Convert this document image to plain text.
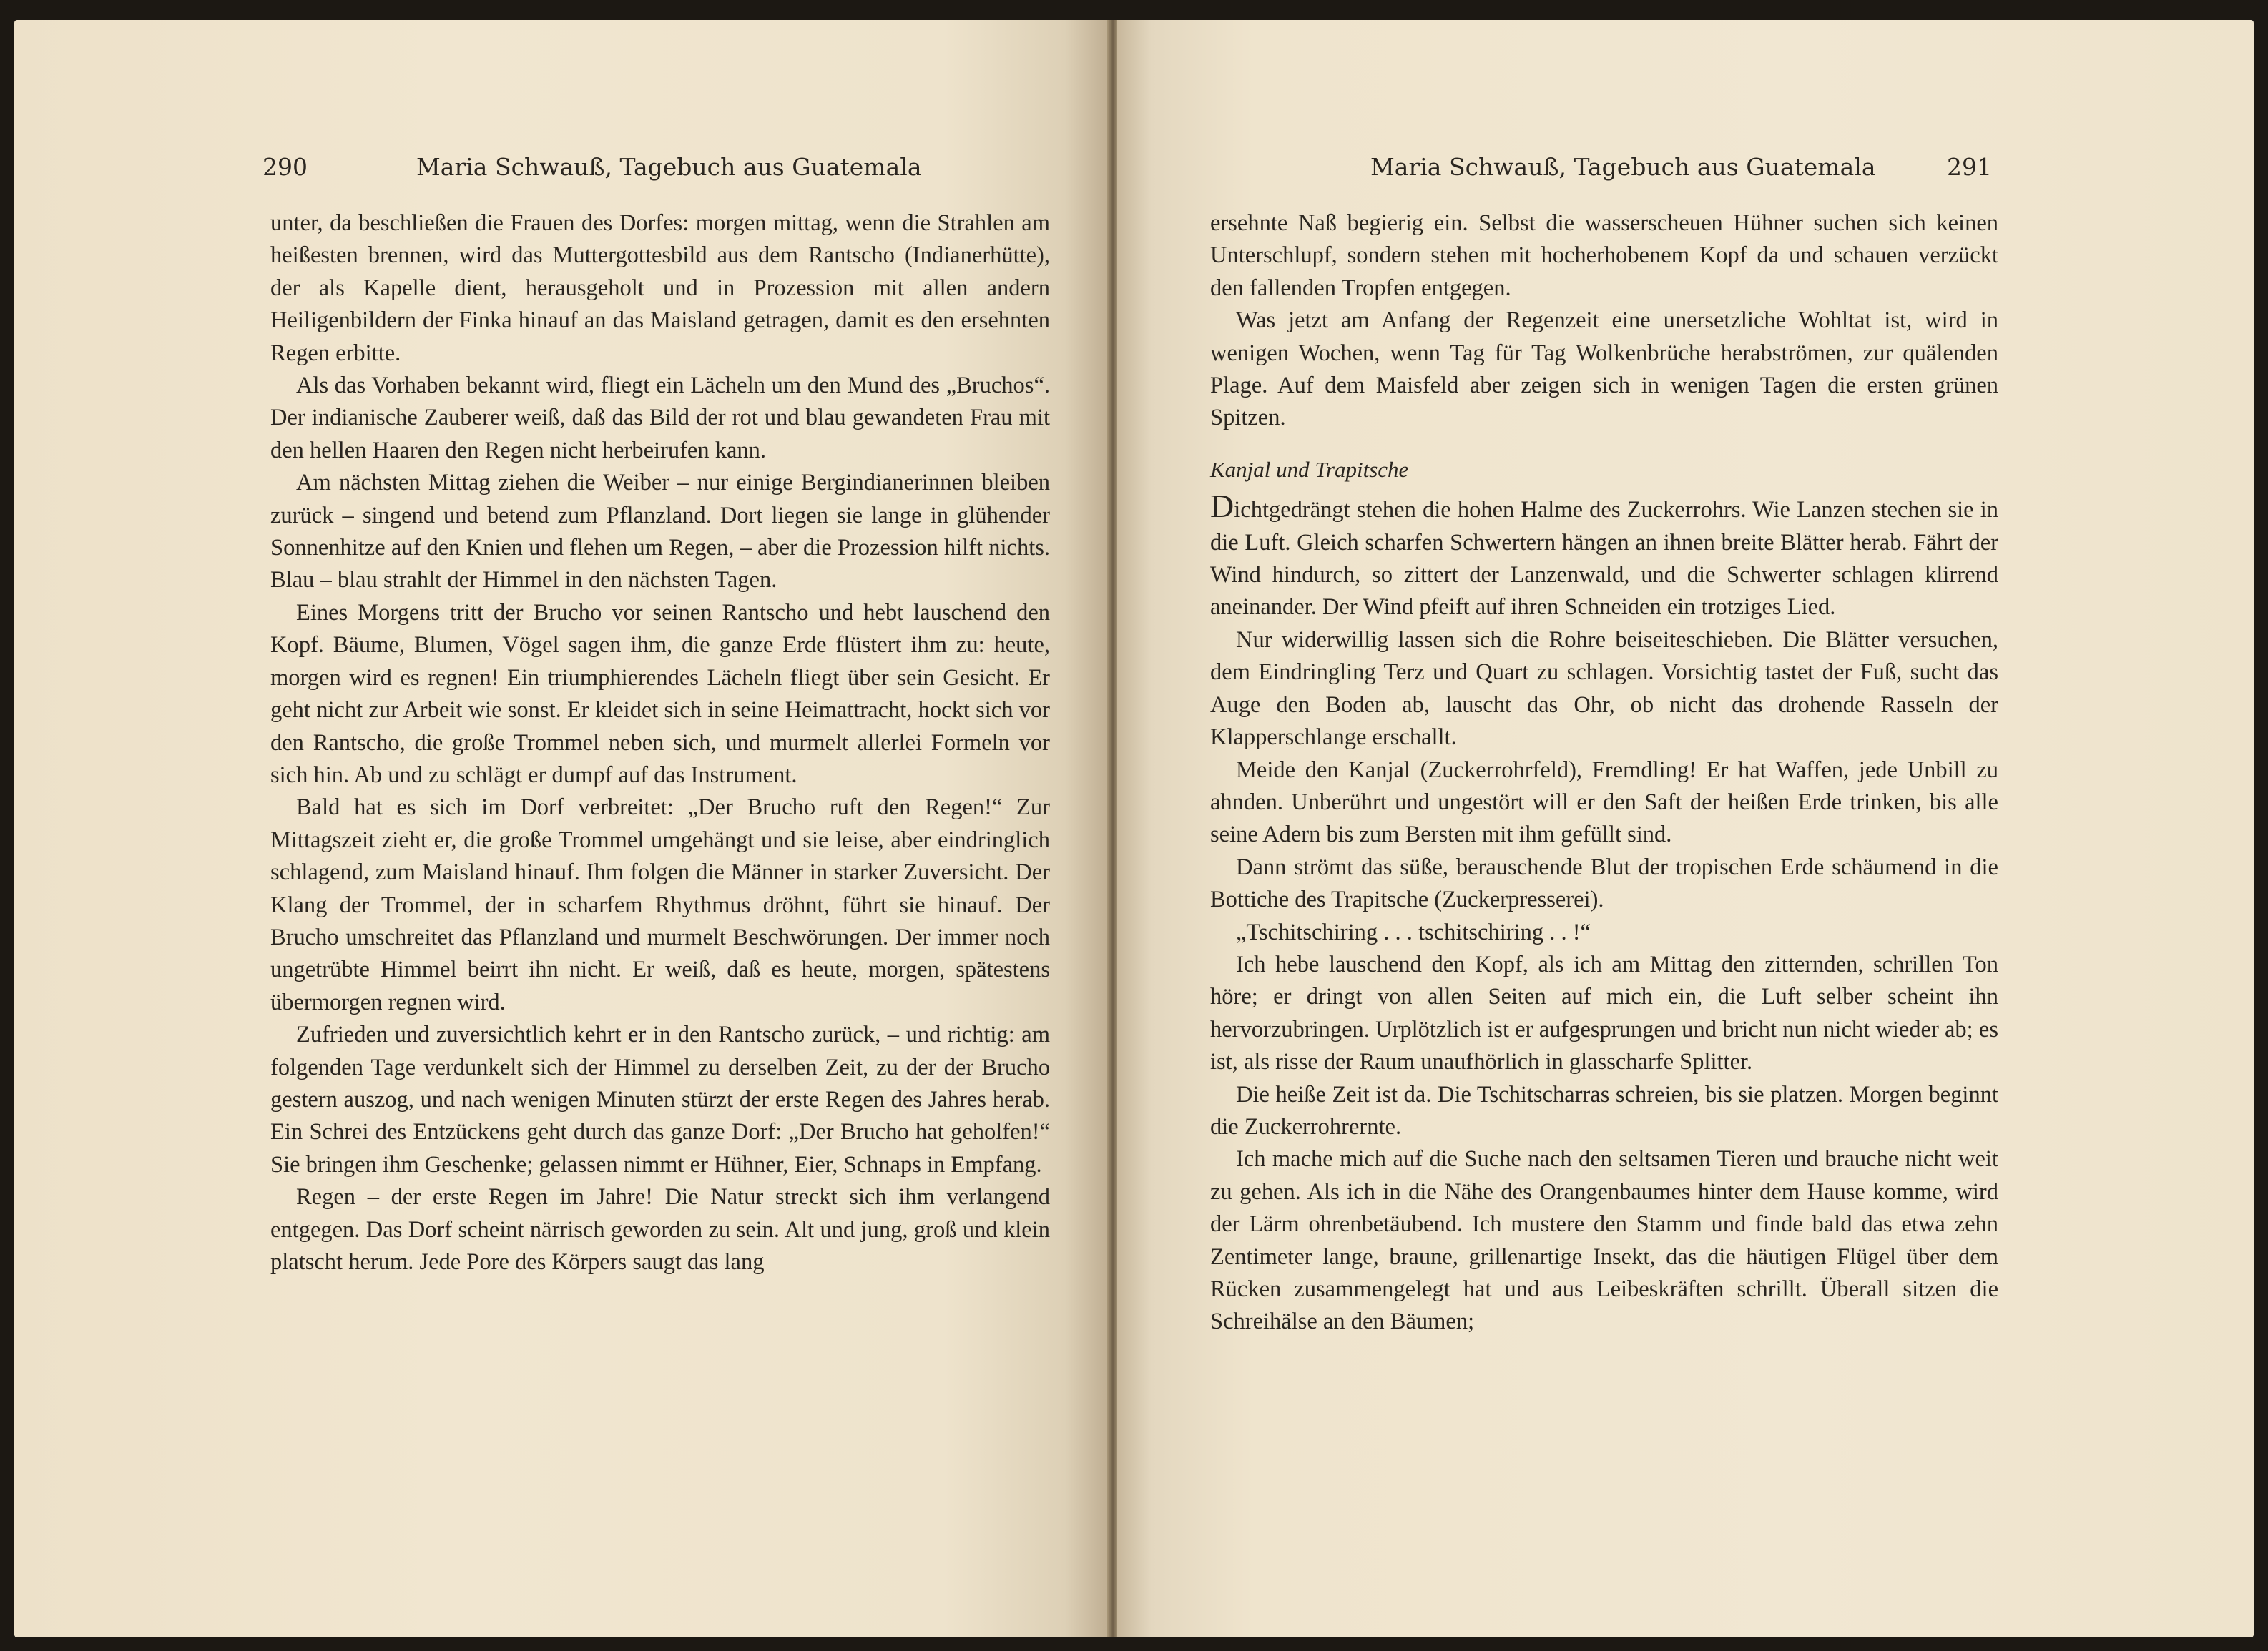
290	Maria Schwauß, Tagebuch aus Guatemala

unter, da beschließen die Frauen des Dorfes: morgen mittag, wenn die Strahlen am heißesten brennen, wird das Muttergottesbild aus dem Rantscho (Indianerhütte), der als Kapelle dient, herausgeholt und in Prozession mit allen andern Heiligenbildern der Finka hinauf an das Maisland getragen, damit es den ersehnten Regen erbitte.

Als das Vorhaben bekannt wird, fliegt ein Lächeln um den Mund des „Bruchos“. Der indianische Zauberer weiß, daß das Bild der rot und blau gewandeten Frau mit den hellen Haaren den Regen nicht herbeirufen kann.

Am nächsten Mittag ziehen die Weiber – nur einige Bergindianerinnen bleiben zurück – singend und betend zum Pflanzland. Dort liegen sie lange in glühender Sonnenhitze auf den Knien und flehen um Regen, – aber die Prozession hilft nichts. Blau – blau strahlt der Himmel in den nächsten Tagen.

Eines Morgens tritt der Brucho vor seinen Rantscho und hebt lauschend den Kopf. Bäume, Blumen, Vögel sagen ihm, die ganze Erde flüstert ihm zu: heute, morgen wird es regnen! Ein triumphierendes Lächeln fliegt über sein Gesicht. Er geht nicht zur Arbeit wie sonst. Er kleidet sich in seine Heimattracht, hockt sich vor den Rantscho, die große Trommel neben sich, und murmelt allerlei Formeln vor sich hin. Ab und zu schlägt er dumpf auf das Instrument.

Bald hat es sich im Dorf verbreitet: „Der Brucho ruft den Regen!“ Zur Mittagszeit zieht er, die große Trommel umgehängt und sie leise, aber eindringlich schlagend, zum Maisland hinauf. Ihm folgen die Männer in starker Zuversicht. Der Klang der Trommel, der in scharfem Rhythmus dröhnt, führt sie hinauf. Der Brucho umschreitet das Pflanzland und murmelt Beschwörungen. Der immer noch ungetrübte Himmel beirrt ihn nicht. Er weiß, daß es heute, morgen, spätestens übermorgen regnen wird.

Zufrieden und zuversichtlich kehrt er in den Rantscho zurück, – und richtig: am folgenden Tage verdunkelt sich der Himmel zu derselben Zeit, zu der der Brucho gestern auszog, und nach wenigen Minuten stürzt der erste Regen des Jahres herab. Ein Schrei des Entzückens geht durch das ganze Dorf: „Der Brucho hat geholfen!“ Sie bringen ihm Geschenke; gelassen nimmt er Hühner, Eier, Schnaps in Empfang.

Regen – der erste Regen im Jahre! Die Natur streckt sich ihm verlangend entgegen. Das Dorf scheint närrisch geworden zu sein. Alt und jung, groß und klein platscht herum. Jede Pore des Körpers saugt das lang

Maria Schwauß, Tagebuch aus Guatemala	291

ersehnte Naß begierig ein. Selbst die wasserscheuen Hühner suchen sich keinen Unterschlupf, sondern stehen mit hocherhobenem Kopf da und schauen verzückt den fallenden Tropfen entgegen.

Was jetzt am Anfang der Regenzeit eine unersetzliche Wohltat ist, wird in wenigen Wochen, wenn Tag für Tag Wolkenbrüche herabströmen, zur quälenden Plage. Auf dem Maisfeld aber zeigen sich in wenigen Tagen die ersten grünen Spitzen.

Kanjal und Trapitsche

Dichtgedrängt stehen die hohen Halme des Zuckerrohrs. Wie Lanzen stechen sie in die Luft. Gleich scharfen Schwertern hängen an ihnen breite Blätter herab. Fährt der Wind hindurch, so zittert der Lanzenwald, und die Schwerter schlagen klirrend aneinander. Der Wind pfeift auf ihren Schneiden ein trotziges Lied.

Nur widerwillig lassen sich die Rohre beiseiteschieben. Die Blätter versuchen, dem Eindringling Terz und Quart zu schlagen. Vorsichtig tastet der Fuß, sucht das Auge den Boden ab, lauscht das Ohr, ob nicht das drohende Rasseln der Klapperschlange erschallt.

Meide den Kanjal (Zuckerrohrfeld), Fremdling! Er hat Waffen, jede Unbill zu ahnden. Unberührt und ungestört will er den Saft der heißen Erde trinken, bis alle seine Adern bis zum Bersten mit ihm gefüllt sind.

Dann strömt das süße, berauschende Blut der tropischen Erde schäumend in die Bottiche des Trapitsche (Zuckerpresserei).

„Tschitschiring . . . tschitschiring . . !“

Ich hebe lauschend den Kopf, als ich am Mittag den zitternden, schrillen Ton höre; er dringt von allen Seiten auf mich ein, die Luft selber scheint ihn hervorzubringen. Urplötzlich ist er aufgesprungen und bricht nun nicht wieder ab; es ist, als risse der Raum unaufhörlich in glasscharfe Splitter.

Die heiße Zeit ist da. Die Tschitscharras schreien, bis sie platzen. Morgen beginnt die Zuckerrohrernte.

Ich mache mich auf die Suche nach den seltsamen Tieren und brauche nicht weit zu gehen. Als ich in die Nähe des Orangenbaumes hinter dem Hause komme, wird der Lärm ohrenbetäubend. Ich mustere den Stamm und finde bald das etwa zehn Zentimeter lange, braune, grillenartige Insekt, das die häutigen Flügel über dem Rücken zusammengelegt hat und aus Leibeskräften schrillt. Überall sitzen die Schreihälse an den Bäumen;
